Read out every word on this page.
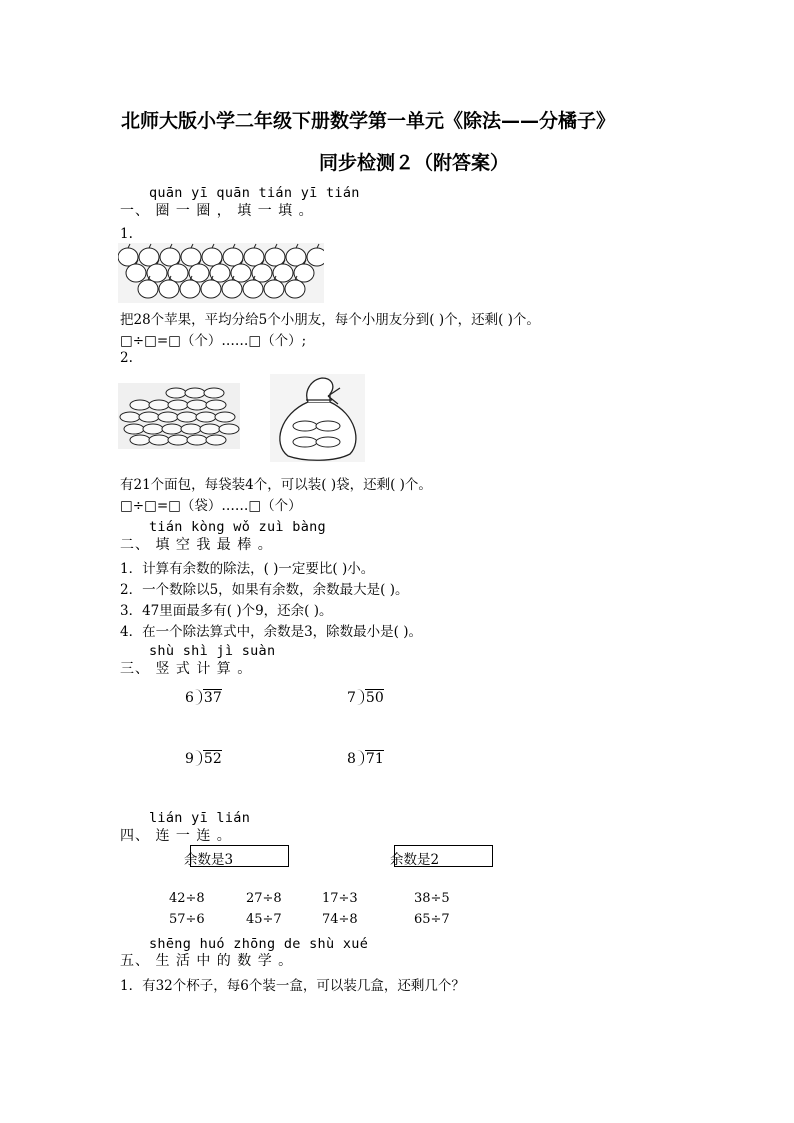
北师大版小学二年级下册数学第一单元《除法——分橘子》
同步检测２（附答案）
quān yī quān tián yī tián
一、 圈 一 圈 ， 填 一 填 。
1.
把28个苹果，平均分给5个小朋友，每个小朋友分到( )个，还剩( )个。
□÷□=□（个）……□（个）;
2.
有21个面包，每袋装4个，可以装( )袋，还剩( )个。
□÷□=□（袋）……□（个）
tián kòng wǒ zuì bàng
二、 填 空 我 最 棒 。
1．计算有余数的除法，( )一定要比( )小。
2．一个数除以5，如果有余数，余数最大是( )。
3．47里面最多有( )个9，还余( )。
4．在一个除法算式中，余数是3，除数最小是( )。
shù shì jì suàn
三、 竖 式 计 算 。
6 37	7 50
9 52	8 71
lián yī lián
四、 连 一 连 。
余数是3	余数是2
42÷8	27÷8	17÷3	38÷5
57÷6	45÷7	74÷8	65÷7
shēng huó zhōng de shù xué
五、 生 活 中 的 数 学 。
1．有32个杯子，每6个装一盒，可以装几盒，还剩几个？
